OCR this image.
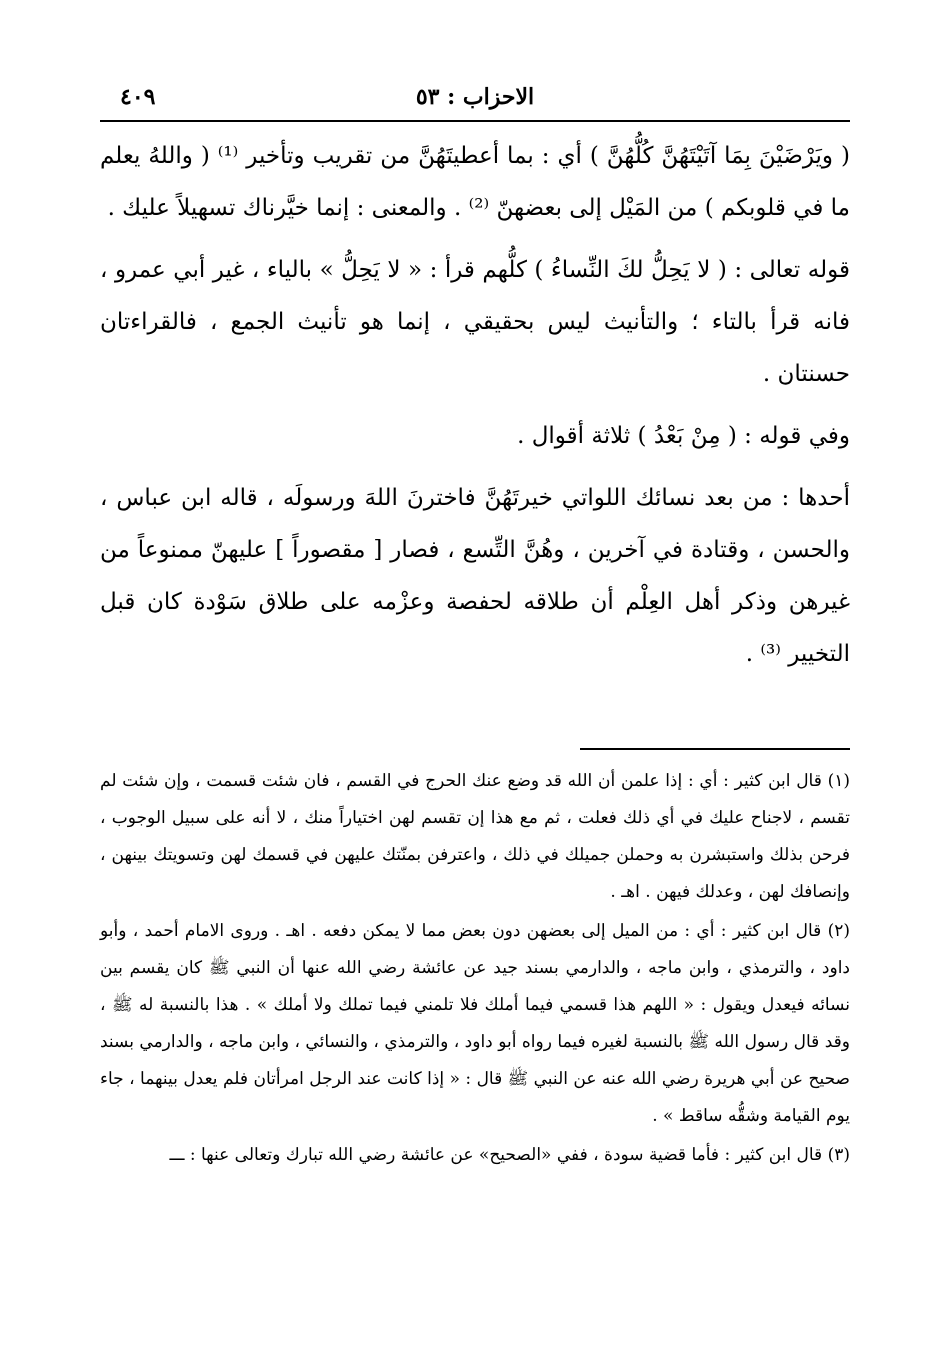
الاحزاب : ٥٣
٤٠٩

( ويَرْضَيْنَ بِمَا آتَيْتَهُنَّ كُلُّهُنَّ ) أي : بما أعطيتَهُنَّ من تقريب وتأخير ⁽¹⁾ ( واللهُ يعلم ما في قلوبكم ) من المَيْل إلى بعضهنّ ⁽²⁾ . والمعنى : إنما خيَّرناك تسهيلاً عليك .

قوله تعالى : ( لا يَحِلُّ لكَ النِّساءُ ) كلُّهم قرأ : « لا يَحِلُّ » بالياء ، غير أبي عمرو ، فانه قرأ بالتاء ؛ والتأنيث ليس بحقيقي ، إنما هو تأنيث الجمع ، فالقراءتان حسنتان .

وفي قوله : ( مِنْ بَعْدُ ) ثلاثة أقوال .

أحدها : من بعد نسائك اللواتي خيرتَهُنَّ فاخترنَ اللهَ ورسولَه ، قاله ابن عباس ، والحسن ، وقتادة في آخرين ، وهُنَّ التِّسع ، فصار [ مقصوراً ] عليهنّ ممنوعاً من غيرهن وذكر أهل العِلْم أن طلاقه لحفصة وعزْمه على طلاق سَوْدة كان قبل التخيير ⁽³⁾ .

(١) قال ابن كثير : أي : إذا علمن أن الله قد وضع عنك الحرج في القسم ، فان شئت قسمت ، وإن شئت لم تقسم ، لاجناح عليك في أي ذلك فعلت ، ثم مع هذا إن تقسم لهن اختياراً منك ، لا أنه على سبيل الوجوب ، فرحن بذلك واستبشرن به وحملن جميلك في ذلك ، واعترفن بمنّتك عليهن في قسمك لهن وتسويتك بينهن ، وإنصافك لهن ، وعدلك فيهن . اهـ .

(٢) قال ابن كثير : أي : من الميل إلى بعضهن دون بعض مما لا يمكن دفعه . اهـ . وروى الامام أحمد ، وأبو داود ، والترمذي ، وابن ماجه ، والدارمي بسند جيد عن عائشة رضي الله عنها أن النبي ﷺ كان يقسم بين نسائه فيعدل ويقول : « اللهم هذا قسمي فيما أملك فلا تلمني فيما تملك ولا أملك » . هذا بالنسبة له ﷺ ، وقد قال رسول الله ﷺ بالنسبة لغيره فيما رواه أبو داود ، والترمذي ، والنسائي ، وابن ماجه ، والدارمي بسند صحيح عن أبي هريرة رضي الله عنه عن النبي ﷺ قال : « إذا كانت عند الرجل امرأتان فلم يعدل بينهما ، جاء يوم القيامة وشقُّه ساقط » .

(٣) قال ابن كثير : فأما قضية سودة ، ففي «الصحيح» عن عائشة رضي الله تبارك وتعالى عنها : ـــ
